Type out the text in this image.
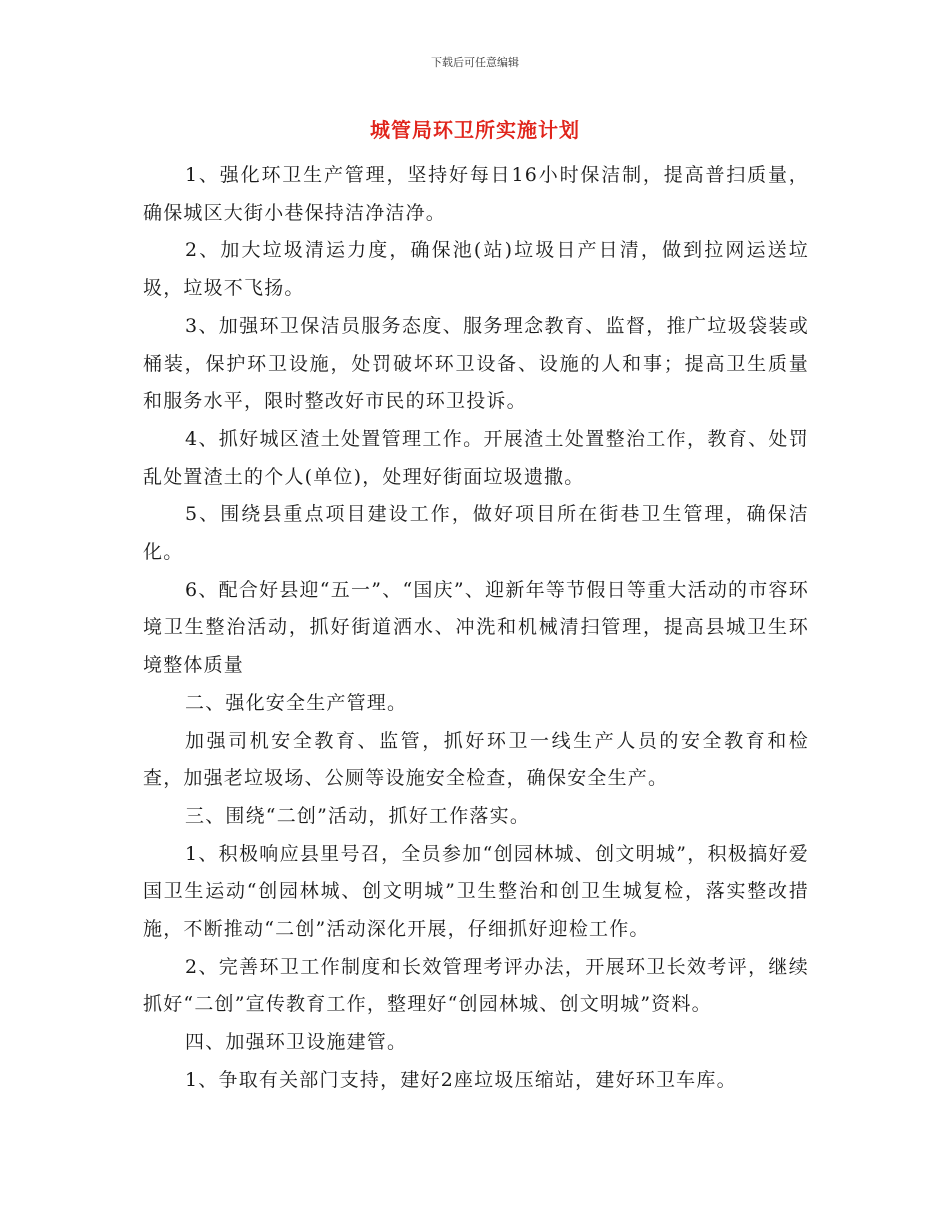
下载后可任意编辑
城管局环卫所实施计划

1、强化环卫生产管理，坚持好每日16小时保洁制，提高普扫质量，确保城区大街小巷保持洁净洁净。

2、加大垃圾清运力度，确保池(站)垃圾日产日清，做到拉网运送垃圾，垃圾不飞扬。

3、加强环卫保洁员服务态度、服务理念教育、监督，推广垃圾袋装或桶装，保护环卫设施，处罚破坏环卫设备、设施的人和事；提高卫生质量和服务水平，限时整改好市民的环卫投诉。

4、抓好城区渣土处置管理工作。开展渣土处置整治工作，教育、处罚乱处置渣土的个人(单位)，处理好街面垃圾遗撒。

5、围绕县重点项目建设工作，做好项目所在街巷卫生管理，确保洁化。

6、配合好县迎“五一”、“国庆”、迎新年等节假日等重大活动的市容环境卫生整治活动，抓好街道洒水、冲洗和机械清扫管理，提高县城卫生环境整体质量

二、强化安全生产管理。

加强司机安全教育、监管，抓好环卫一线生产人员的安全教育和检查，加强老垃圾场、公厕等设施安全检查，确保安全生产。

三、围绕“二创”活动，抓好工作落实。

1、积极响应县里号召，全员参加“创园林城、创文明城”，积极搞好爱国卫生运动“创园林城、创文明城”卫生整治和创卫生城复检，落实整改措施，不断推动“二创”活动深化开展，仔细抓好迎检工作。

2、完善环卫工作制度和长效管理考评办法，开展环卫长效考评，继续抓好“二创”宣传教育工作，整理好“创园林城、创文明城”资料。

四、加强环卫设施建管。

1、争取有关部门支持，建好2座垃圾压缩站，建好环卫车库。
